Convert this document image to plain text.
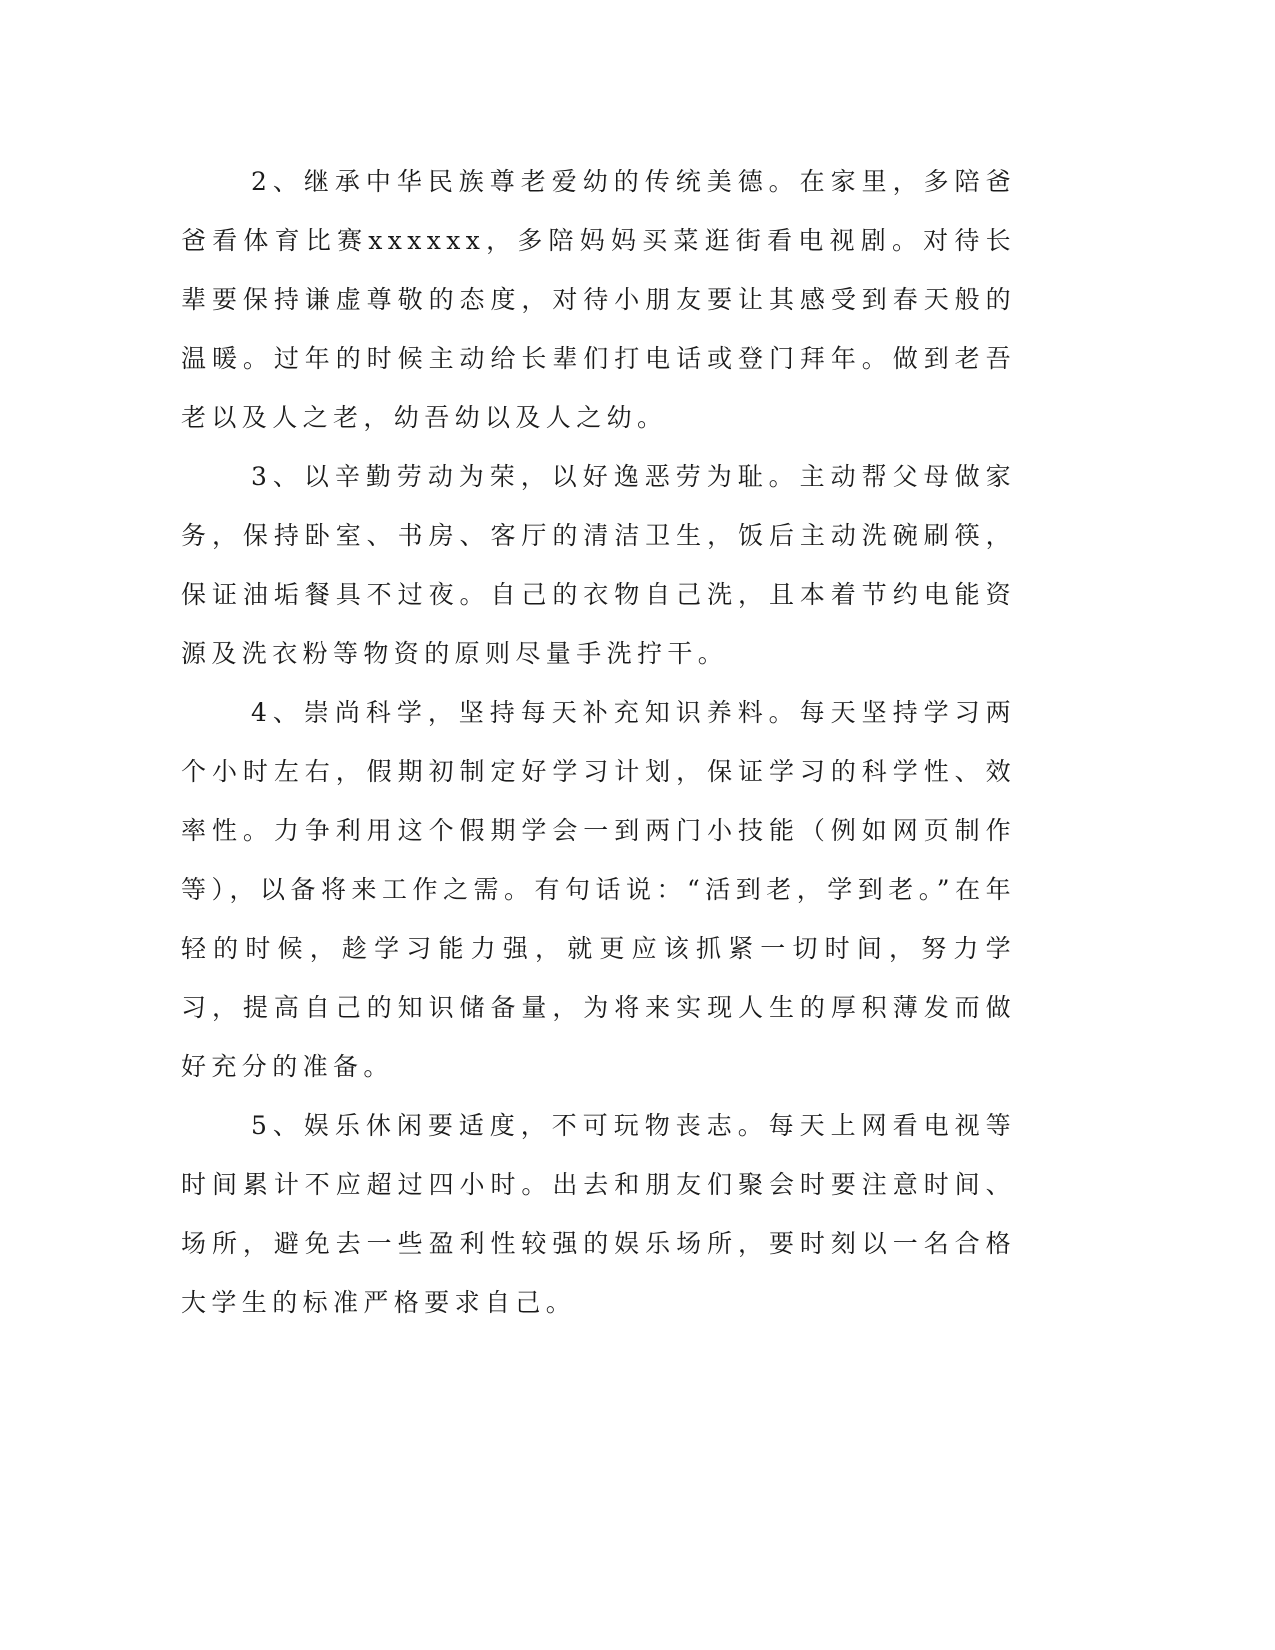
2、继承中华民族尊老爱幼的传统美德。在家里，多陪爸爸看体育比赛xxxxxx，多陪妈妈买菜逛街看电视剧。对待长辈要保持谦虚尊敬的态度，对待小朋友要让其感受到春天般的温暖。过年的时候主动给长辈们打电话或登门拜年。做到老吾老以及人之老，幼吾幼以及人之幼。

3、以辛勤劳动为荣，以好逸恶劳为耻。主动帮父母做家务，保持卧室、书房、客厅的清洁卫生，饭后主动洗碗刷筷，保证油垢餐具不过夜。自己的衣物自己洗，且本着节约电能资源及洗衣粉等物资的原则尽量手洗拧干。

4、崇尚科学，坚持每天补充知识养料。每天坚持学习两个小时左右，假期初制定好学习计划，保证学习的科学性、效率性。力争利用这个假期学会一到两门小技能（例如网页制作等），以备将来工作之需。有句话说：“活到老，学到老。”在年轻的时候，趁学习能力强，就更应该抓紧一切时间，努力学习，提高自己的知识储备量，为将来实现人生的厚积薄发而做好充分的准备。

5、娱乐休闲要适度，不可玩物丧志。每天上网看电视等时间累计不应超过四小时。出去和朋友们聚会时要注意时间、场所，避免去一些盈利性较强的娱乐场所，要时刻以一名合格大学生的标准严格要求自己。
